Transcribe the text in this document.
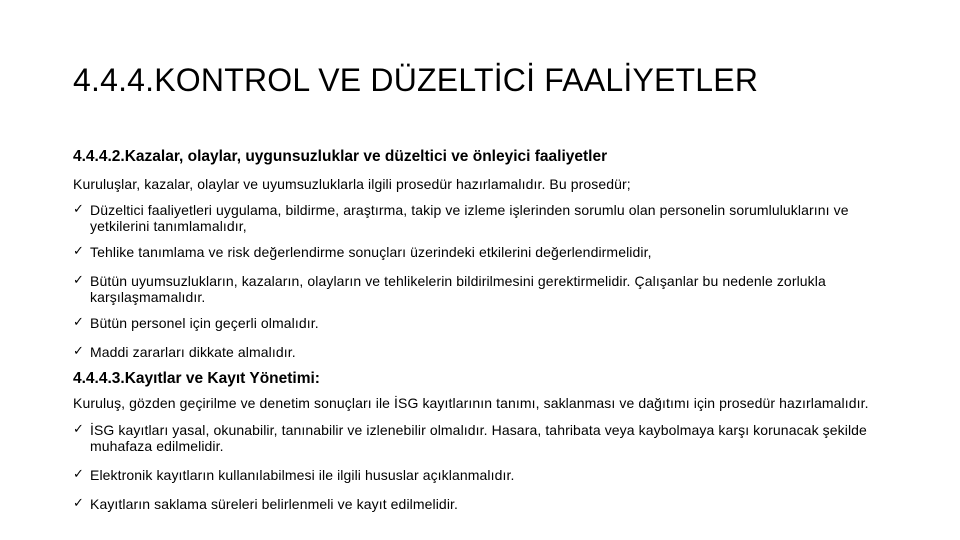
4.4.4.KONTROL VE DÜZELTİCİ FAALİYETLER
4.4.4.2.Kazalar, olaylar, uygunsuzluklar ve düzeltici ve önleyici faaliyetler
Kuruluşlar, kazalar, olaylar ve uyumsuzluklarla ilgili prosedür hazırlamalıdır. Bu prosedür;
✓ Düzeltici faaliyetleri uygulama, bildirme, araştırma, takip ve izleme işlerinden sorumlu olan personelin sorumluluklarını ve yetkilerini tanımlamalıdır,
✓ Tehlike tanımlama ve risk değerlendirme sonuçları üzerindeki etkilerini değerlendirmelidir,
✓ Bütün uyumsuzlukların, kazaların, olayların ve tehlikelerin bildirilmesini gerektirmelidir. Çalışanlar bu nedenle zorlukla karşılaşmamalıdır.
✓ Bütün personel için geçerli olmalıdır.
✓ Maddi zararları dikkate almalıdır.
4.4.4.3.Kayıtlar ve Kayıt Yönetimi:
Kuruluş, gözden geçirilme ve denetim sonuçları ile İSG kayıtlarının tanımı, saklanması ve dağıtımı için prosedür hazırlamalıdır.
✓ İSG kayıtları yasal, okunabilir, tanınabilir ve izlenebilir olmalıdır. Hasara, tahribata veya kaybolmaya karşı korunacak şekilde muhafaza edilmelidir.
✓ Elektronik kayıtların kullanılabilmesi ile ilgili hususlar açıklanmalıdır.
✓ Kayıtların saklama süreleri belirlenmeli ve kayıt edilmelidir.
